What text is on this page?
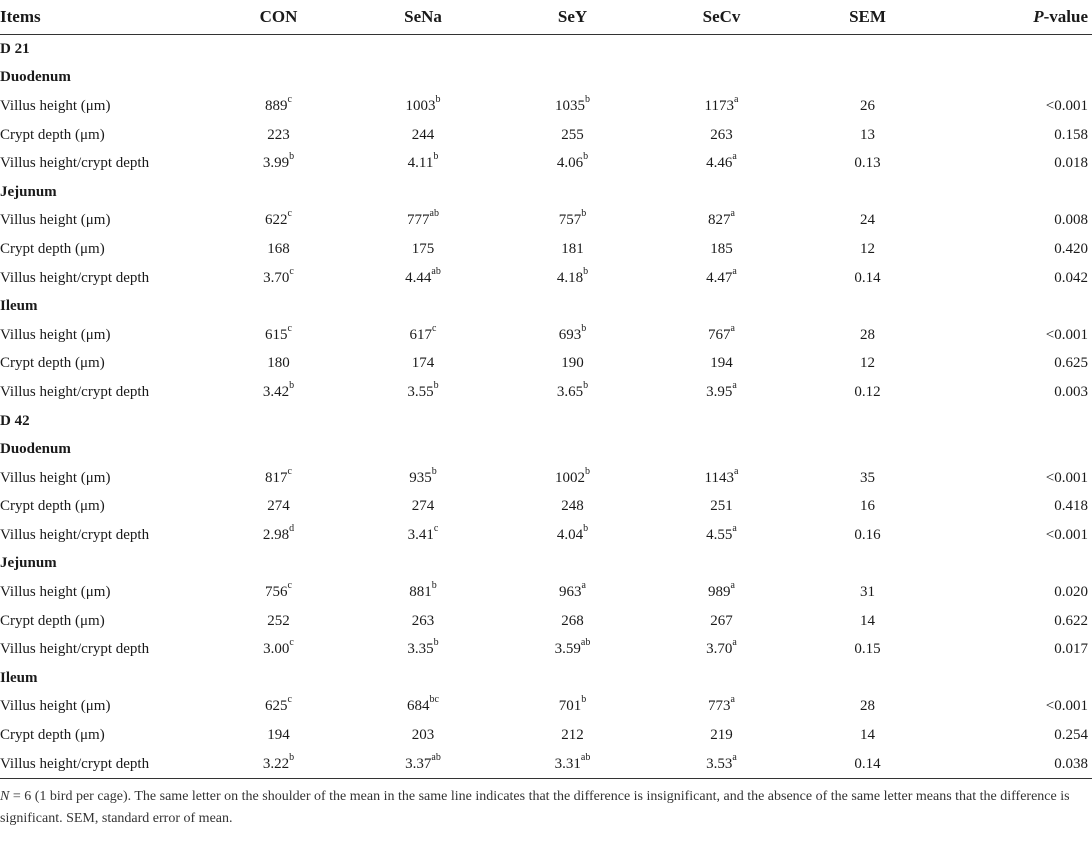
Items	CON	SeNa	SeY	SeCv	SEM	P-value
D 21						
Duodenum						
Villus height (μm)	889$^c$	1003$^b$	1035$^b$	1173$^a$	26	<0.001
Crypt depth (μm)	223	244	255	263	13	0.158
Villus height/crypt depth	3.99$^b$	4.11$^b$	4.06$^b$	4.46$^a$	0.13	0.018
Jejunum						
Villus height (μm)	622$^c$	$777^{ab}$	757$^b$	827$^a$	24	0.008
Crypt depth (μm)	168	175	181	185	12	0.420
Villus height/crypt depth	3.70$^c$	4.44$^{ab}$	4.18$^b$	4.47$^a$	0.14	0.042
Ileum						
Villus height (μm)	615$^c$	617$^c$	693$^b$	767$^a$	28	<0.001
Crypt depth (μm)	180	174	190	194	12	0.625
Villus height/crypt depth	3.42$^b$	3.55$^b$	3.65$^b$	3.95$^a$	0.12	0.003
D 42						
Duodenum						
Villus height (μm)	817$^c$	935$^b$	1002$^b$	1143$^a$	35	<0.001
Crypt depth (μm)	274	274	248	251	16	0.418
Villus height/crypt depth	2.98$^d$	3.41$^c$	4.04$^b$	4.55$^a$	0.16	<0.001
Jejunum						
Villus height (μm)	756$^c$	881$^b$	963$^a$	989$^a$	31	0.020
Crypt depth (μm)	252	263	268	267	14	0.622
Villus height/crypt depth	3.00$^c$	3.35$^b$	3.59$^{ab}$	3.70$^a$	0.15	0.017
Ileum						
Villus height (μm)	625$^c$	$684^{bc}$	701$^b$	773$^a$	28	<0.001
Crypt depth (μm)	194	203	212	219	14	0.254
Villus height/crypt depth	3.22$^b$	3.37$^{ab}$	3.31$^{ab}$	3.53$^a$	0.14	0.038
N = 6 (1 bird per cage). The same letter on the shoulder of the mean in the same line indicates that the difference is insignificant, and the absence of the same letter means that the difference is significant. SEM, standard error of mean.
